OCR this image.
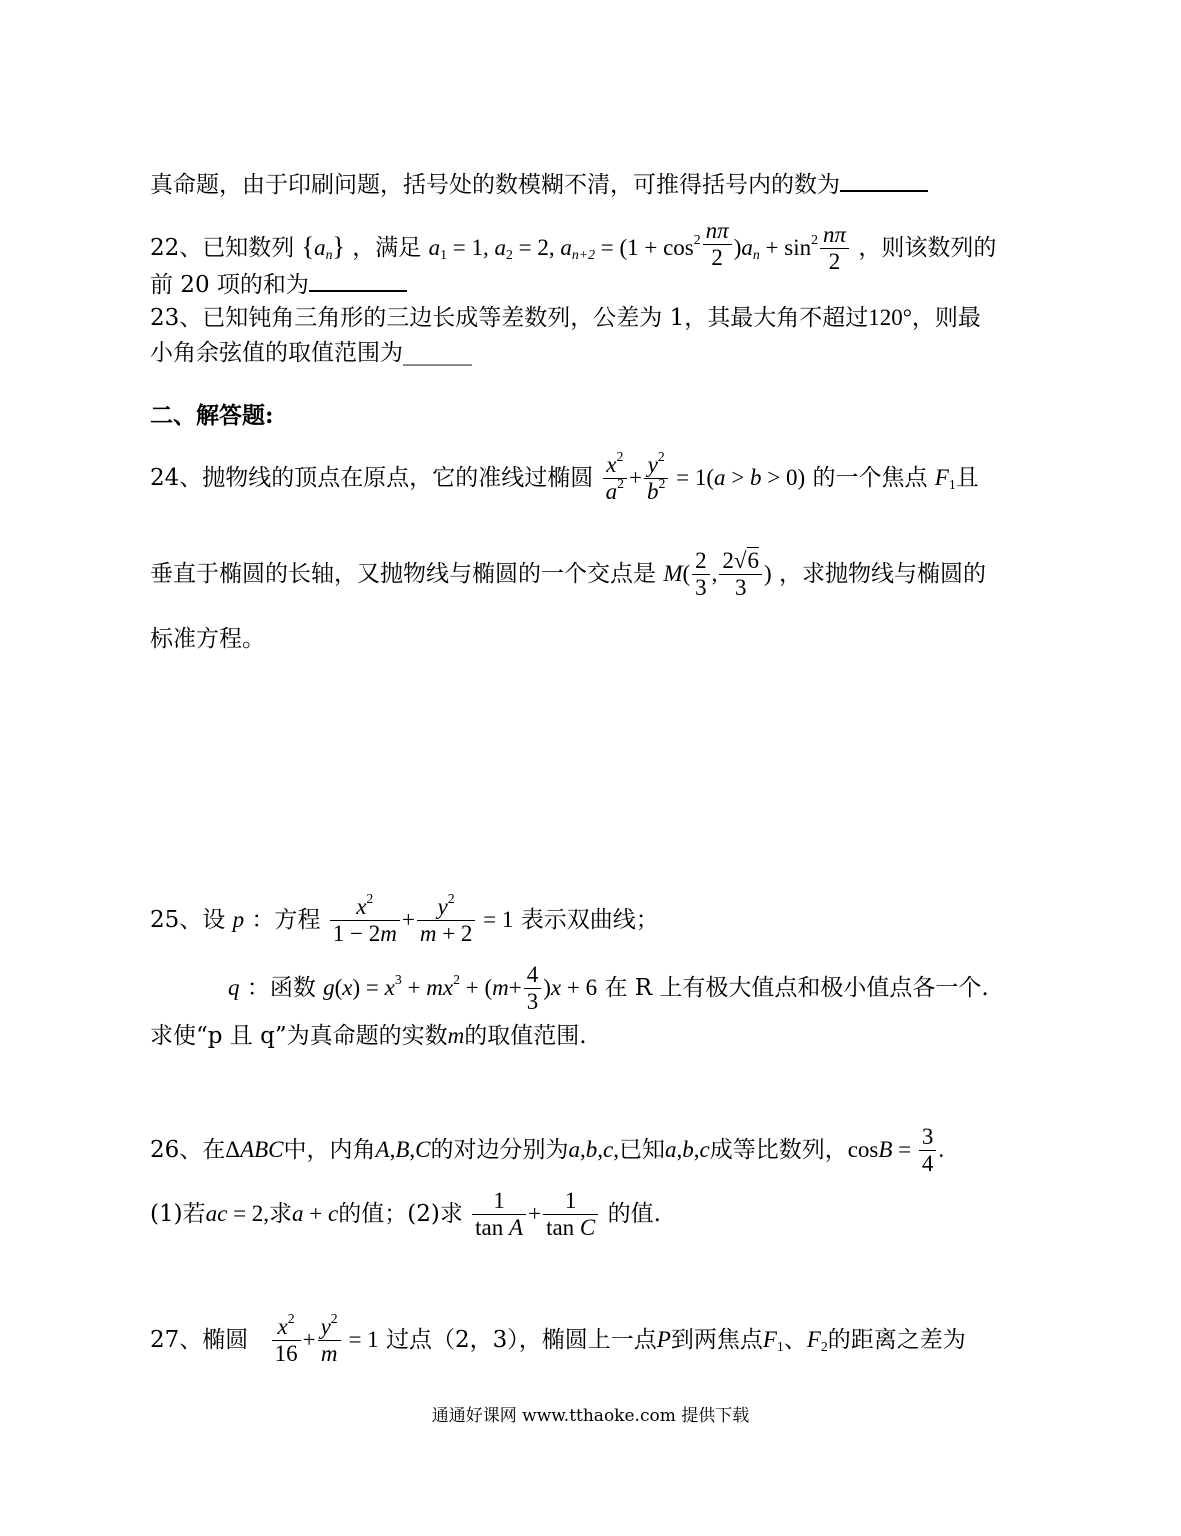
真命题，由于印刷问题，括号处的数模糊不清，可推得括号内的数为
22、已知数列 $\{a_n\}$ ，满足 $a_1 = 1$, $a_2 = 2$, $a_{n+2} = (1 + \cos^2 \frac{n\pi}{2} )a_n + \sin^2 \frac{n\pi}{2}$ ，则该数列的
前 20 项的和为
23、已知钝角三角形的三边长成等差数列，公差为 1，其最大角不超过120°，则最
小角余弦值的取值范围为______
二、解答题:
24、抛物线的顶点在原点，它的准线过椭圆 $\frac{x^2}{a^2} + \frac{y^2}{b^2} = 1(a > b > 0)$ 的一个焦点 $F_1$且
垂直于椭圆的长轴，又抛物线与椭圆的一个交点是 $M( \frac{2}{3}$ , $\frac{2√6}{3}$ ) ，求抛物线与椭圆的
标准方程。
25、设 p ：方程 $\frac{x^2}{1 - 2m} + \frac{y^2}{m + 2} = 1$ 表示双曲线；
q ：函数 $g(x) = x^3 + mx^2 + (m+ \frac{4}{3} )x + 6$ 在 R 上有极大值点和极小值点各一个.
求使“p 且 q”为真命题的实数m的取值范围.
26、在ΔABC中，内角A,B,C的对边分别为a,b,c,已知a,b,c成等比数列，$\cos B = \frac{3}{4}$ .
(1)若ac = 2,求a + c的值；(2)求 $\frac{1}{\text{tan A}} + \frac{1}{\text{tan C}}$ 的值.
27、椭圆 $\frac{x^2}{16} + \frac{y^2}{m} = 1$ 过点（2，3），椭圆上一点P到两焦点$F_1$、$F_2$的距离之差为
通通好课网 www.tthaoke.com 提供下载
